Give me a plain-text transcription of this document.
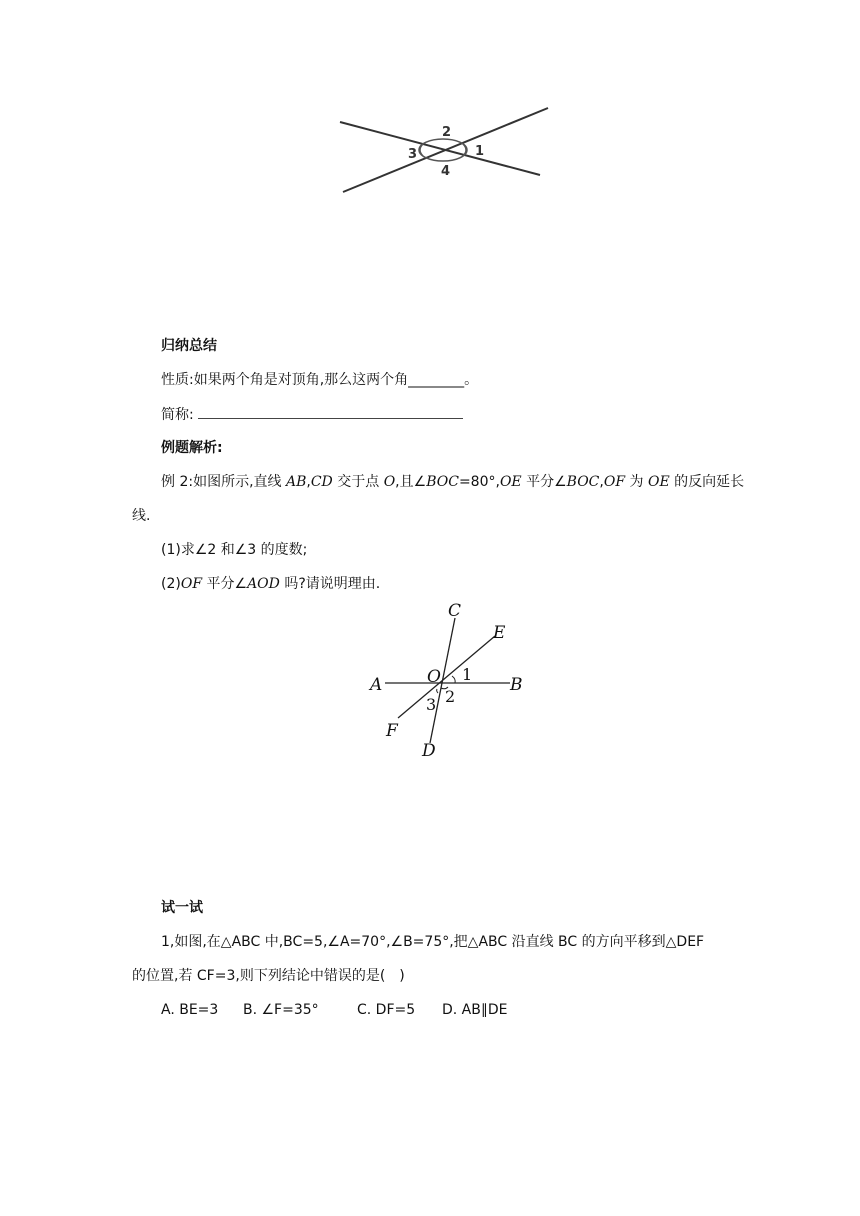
2
3	1
4

归纳总结

性质:如果两个角是对顶角,那么这两个角________。

简称:

例题解析:

例 2:如图所示,直线 AB,CD 交于点 O,且∠BOC=80°,OE 平分∠BOC,OF 为 OE 的反向延长

线.

(1)求∠2 和∠3 的度数;

(2)OF 平分∠AOD 吗?请说明理由.

C
E
A	O	B
F
D
1
2
3

试一试

1,如图,在△ABC 中,BC=5,∠A=70°,∠B=75°,把△ABC 沿直线 BC 的方向平移到△DEF

的位置,若 CF=3,则下列结论中错误的是(　)

A. BE=3 B. ∠F=35°	C. DF=5 D. AB∥DE
